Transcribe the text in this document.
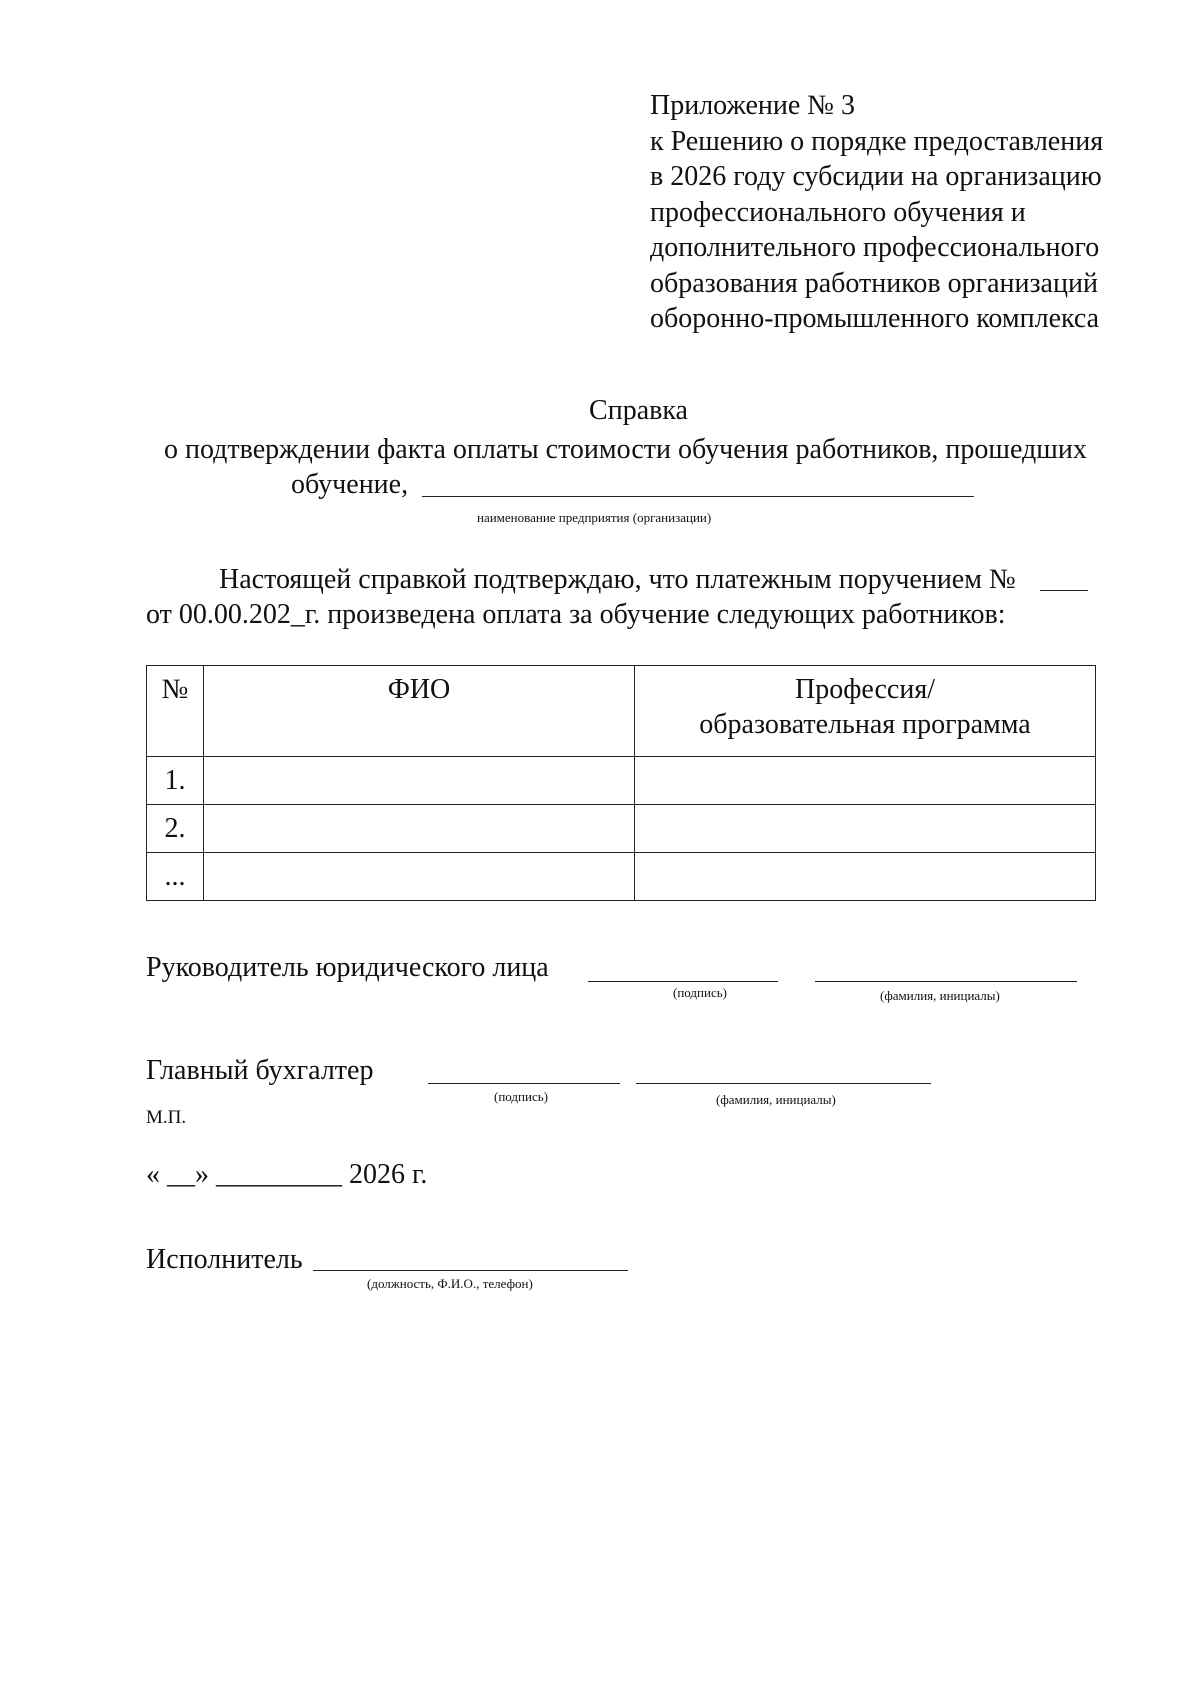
Приложение № 3
к Решению о порядке предоставления
в 2026 году субсидии на организацию
профессионального обучения и
дополнительного профессионального
образования работников организаций
оборонно-промышленного комплекса
Справка
о подтверждении факта оплаты стоимости обучения работников, прошедших
обучение,
наименование предприятия (организации)
Настоящей справкой подтверждаю, что платежным поручением №
от 00.00.202_г. произведена оплата за обучение следующих работников:
№	ФИО	Профессия/
образовательная программа
1.		
2.		
...		
Руководитель юридического лица
(подпись)	(фамилия, инициалы)
Главный бухгалтер
(подпись)	(фамилия, инициалы)
М.П.
« __» _________ 2026 г.
Исполнитель
(должность, Ф.И.О., телефон)
